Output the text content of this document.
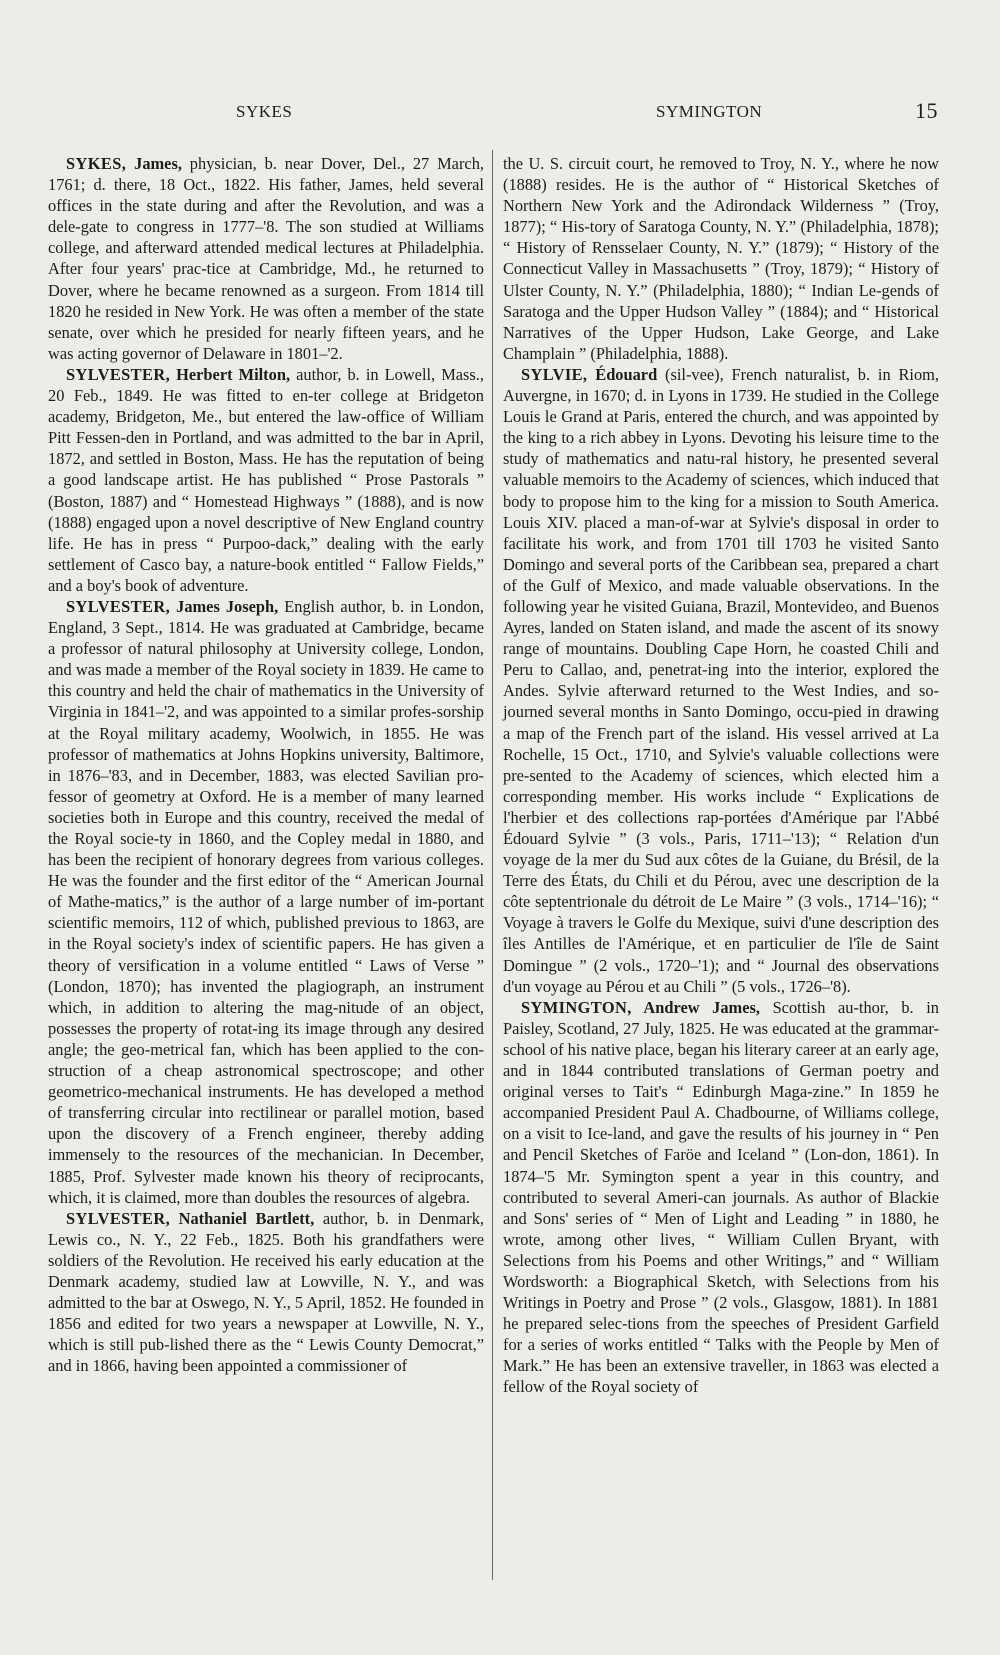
SYKES	SYMINGTON	15

SYKES, James, physician, b. near Dover, Del., 27 March, 1761; d. there, 18 Oct., 1822. His father, James, held several offices in the state during and after the Revolution, and was a dele-gate to congress in 1777–'8. The son studied at Williams college, and afterward attended medical lectures at Philadelphia. After four years' prac-tice at Cambridge, Md., he returned to Dover, where he became renowned as a surgeon. From 1814 till 1820 he resided in New York. He was often a member of the state senate, over which he presided for nearly fifteen years, and he was acting governor of Delaware in 1801–'2.

SYLVESTER, Herbert Milton, author, b. in Lowell, Mass., 20 Feb., 1849. He was fitted to en-ter college at Bridgeton academy, Bridgeton, Me., but entered the law-office of William Pitt Fessen-den in Portland, and was admitted to the bar in April, 1872, and settled in Boston, Mass. He has the reputation of being a good landscape artist. He has published “ Prose Pastorals ” (Boston, 1887) and “ Homestead Highways ” (1888), and is now (1888) engaged upon a novel descriptive of New England country life. He has in press “ Purpoo-dack,” dealing with the early settlement of Casco bay, a nature-book entitled “ Fallow Fields,” and a boy's book of adventure.

SYLVESTER, James Joseph, English author, b. in London, England, 3 Sept., 1814. He was graduated at Cambridge, became a professor of natural philosophy at University college, London, and was made a member of the Royal society in 1839. He came to this country and held the chair of mathematics in the University of Virginia in 1841–'2, and was appointed to a similar profes-sorship at the Royal military academy, Woolwich, in 1855. He was professor of mathematics at Johns Hopkins university, Baltimore, in 1876–'83, and in December, 1883, was elected Savilian pro-fessor of geometry at Oxford. He is a member of many learned societies both in Europe and this country, received the medal of the Royal socie-ty in 1860, and the Copley medal in 1880, and has been the recipient of honorary degrees from various colleges. He was the founder and the first editor of the “ American Journal of Mathe-matics,” is the author of a large number of im-portant scientific memoirs, 112 of which, published previous to 1863, are in the Royal society's index of scientific papers. He has given a theory of versification in a volume entitled “ Laws of Verse ” (London, 1870); has invented the plagiograph, an instrument which, in addition to altering the mag-nitude of an object, possesses the property of rotat-ing its image through any desired angle; the geo-metrical fan, which has been applied to the con-struction of a cheap astronomical spectroscope; and other geometrico-mechanical instruments. He has developed a method of transferring circular into rectilinear or parallel motion, based upon the discovery of a French engineer, thereby adding immensely to the resources of the mechanician. In December, 1885, Prof. Sylvester made known his theory of reciprocants, which, it is claimed, more than doubles the resources of algebra.

SYLVESTER, Nathaniel Bartlett, author, b. in Denmark, Lewis co., N. Y., 22 Feb., 1825. Both his grandfathers were soldiers of the Revolution. He received his early education at the Denmark academy, studied law at Lowville, N. Y., and was admitted to the bar at Oswego, N. Y., 5 April, 1852. He founded in 1856 and edited for two years a newspaper at Lowville, N. Y., which is still pub-lished there as the “ Lewis County Democrat,” and in 1866, having been appointed a commissioner of

the U. S. circuit court, he removed to Troy, N. Y., where he now (1888) resides. He is the author of “ Historical Sketches of Northern New York and the Adirondack Wilderness ” (Troy, 1877); “ His-tory of Saratoga County, N. Y.” (Philadelphia, 1878); “ History of Rensselaer County, N. Y.” (1879); “ History of the Connecticut Valley in Massachusetts ” (Troy, 1879); “ History of Ulster County, N. Y.” (Philadelphia, 1880); “ Indian Le-gends of Saratoga and the Upper Hudson Valley ” (1884); and “ Historical Narratives of the Upper Hudson, Lake George, and Lake Champlain ” (Philadelphia, 1888).

SYLVIE, Édouard (sil-vee), French naturalist, b. in Riom, Auvergne, in 1670; d. in Lyons in 1739. He studied in the College Louis le Grand at Paris, entered the church, and was appointed by the king to a rich abbey in Lyons. Devoting his leisure time to the study of mathematics and natu-ral history, he presented several valuable memoirs to the Academy of sciences, which induced that body to propose him to the king for a mission to South America. Louis XIV. placed a man-of-war at Sylvie's disposal in order to facilitate his work, and from 1701 till 1703 he visited Santo Domingo and several ports of the Caribbean sea, prepared a chart of the Gulf of Mexico, and made valuable observations. In the following year he visited Guiana, Brazil, Montevideo, and Buenos Ayres, landed on Staten island, and made the ascent of its snowy range of mountains. Doubling Cape Horn, he coasted Chili and Peru to Callao, and, penetrat-ing into the interior, explored the Andes. Sylvie afterward returned to the West Indies, and so-journed several months in Santo Domingo, occu-pied in drawing a map of the French part of the island. His vessel arrived at La Rochelle, 15 Oct., 1710, and Sylvie's valuable collections were pre-sented to the Academy of sciences, which elected him a corresponding member. His works include “ Explications de l'herbier et des collections rap-portées d'Amérique par l'Abbé Édouard Sylvie ” (3 vols., Paris, 1711–'13); “ Relation d'un voyage de la mer du Sud aux côtes de la Guiane, du Brésil, de la Terre des États, du Chili et du Pérou, avec une description de la côte septentrionale du détroit de Le Maire ” (3 vols., 1714–'16); “ Voyage à travers le Golfe du Mexique, suivi d'une description des îles Antilles de l'Amérique, et en particulier de l'île de Saint Domingue ” (2 vols., 1720–'1); and “ Journal des observations d'un voyage au Pérou et au Chili ” (5 vols., 1726–'8).

SYMINGTON, Andrew James, Scottish au-thor, b. in Paisley, Scotland, 27 July, 1825. He was educated at the grammar-school of his native place, began his literary career at an early age, and in 1844 contributed translations of German poetry and original verses to Tait's “ Edinburgh Maga-zine.” In 1859 he accompanied President Paul A. Chadbourne, of Williams college, on a visit to Ice-land, and gave the results of his journey in “ Pen and Pencil Sketches of Faröe and Iceland ” (Lon-don, 1861). In 1874–'5 Mr. Symington spent a year in this country, and contributed to several Ameri-can journals. As author of Blackie and Sons' series of “ Men of Light and Leading ” in 1880, he wrote, among other lives, “ William Cullen Bryant, with Selections from his Poems and other Writings,” and “ William Wordsworth: a Biographical Sketch, with Selections from his Writings in Poetry and Prose ” (2 vols., Glasgow, 1881). In 1881 he prepared selec-tions from the speeches of President Garfield for a series of works entitled “ Talks with the People by Men of Mark.” He has been an extensive traveller, in 1863 was elected a fellow of the Royal society of
